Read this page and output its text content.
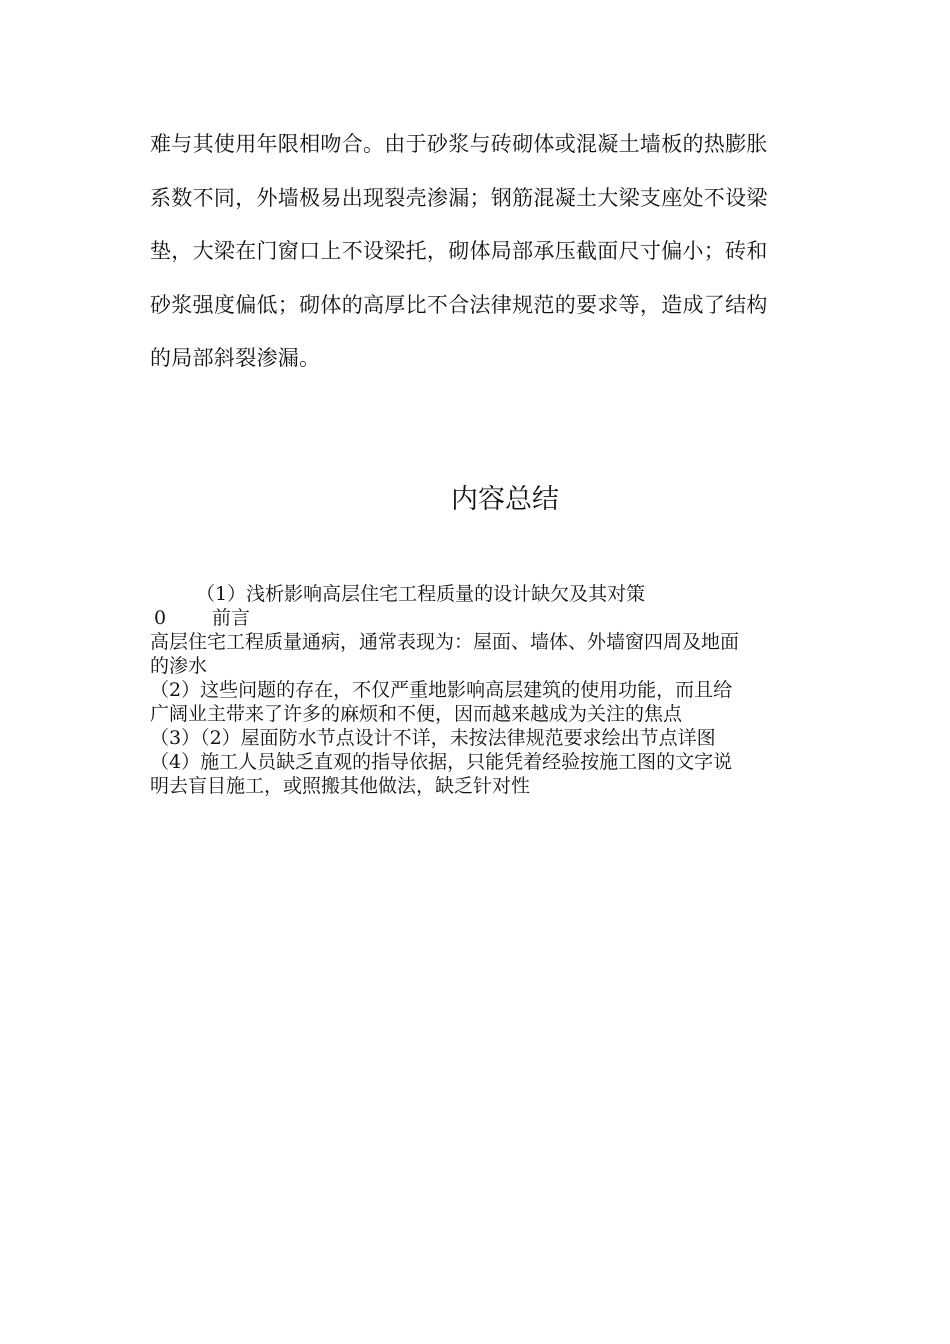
难与其使用年限相吻合。由于砂浆与砖砌体或混凝土墙板的热膨胀
系数不同，外墙极易出现裂壳渗漏；钢筋混凝土大梁支座处不设梁
垫，大梁在门窗口上不设梁托，砌体局部承压截面尺寸偏小；砖和
砂浆强度偏低；砌体的高厚比不合法律规范的要求等，造成了结构
的局部斜裂渗漏。

内容总结
（1）浅析影响高层住宅工程质量的设计缺欠及其对策
0 前言
高层住宅工程质量通病，通常表现为：屋面、墙体、外墙窗四周及地面
的渗水
（2）这些问题的存在，不仅严重地影响高层建筑的使用功能，而且给
广阔业主带来了许多的麻烦和不便，因而越来越成为关注的焦点
（3）（2）屋面防水节点设计不详，未按法律规范要求绘出节点详图
（4）施工人员缺乏直观的指导依据，只能凭着经验按施工图的文字说
明去盲目施工，或照搬其他做法，缺乏针对性
